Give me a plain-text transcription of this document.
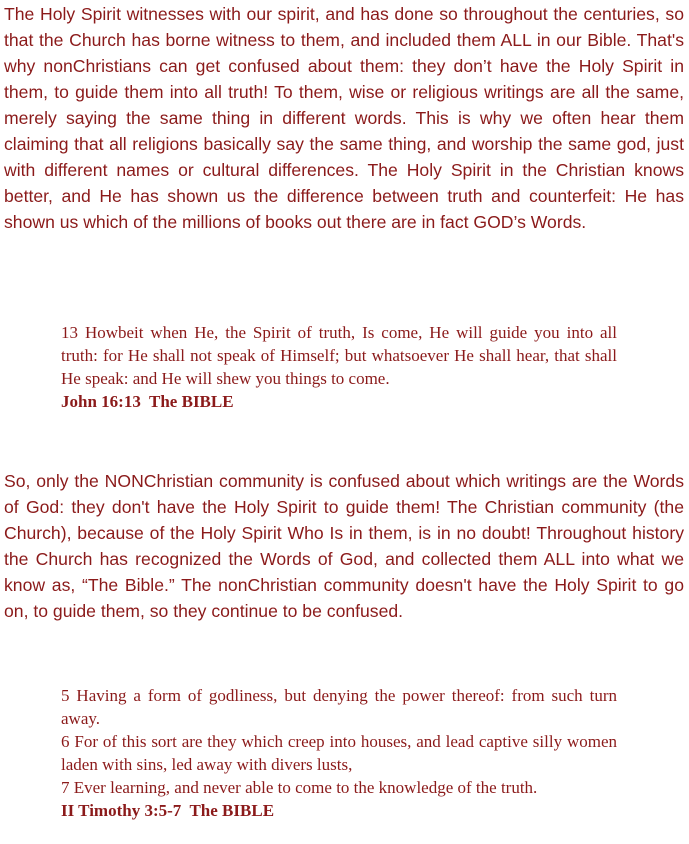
The Holy Spirit witnesses with our spirit, and has done so throughout the centuries, so that the Church has borne witness to them, and included them ALL in our Bible. That's why nonChristians can get confused about them: they don’t have the Holy Spirit in them, to guide them into all truth! To them, wise or religious writings are all the same, merely saying the same thing in different words. This is why we often hear them claiming that all religions basically say the same thing, and worship the same god, just with different names or cultural differences. The Holy Spirit in the Christian knows better, and He has shown us the difference between truth and counterfeit: He has shown us which of the millions of books out there are in fact GOD’s Words.

13 Howbeit when He, the Spirit of truth, Is come, He will guide you into all truth: for He shall not speak of Himself; but whatsoever He shall hear, that shall He speak: and He will shew you things to come.
John 16:13  The BIBLE

So, only the NONChristian community is confused about which writings are the Words of God: they don't have the Holy Spirit to guide them! The Christian community (the Church), because of the Holy Spirit Who Is in them, is in no doubt! Throughout history the Church has recognized the Words of God, and collected them ALL into what we know as, “The Bible.” The nonChristian community doesn't have the Holy Spirit to go on, to guide them, so they continue to be confused.

5 Having a form of godliness, but denying the power thereof: from such turn away.
6 For of this sort are they which creep into houses, and lead captive silly women laden with sins, led away with divers lusts,
7 Ever learning, and never able to come to the knowledge of the truth.
II Timothy 3:5-7  The BIBLE
